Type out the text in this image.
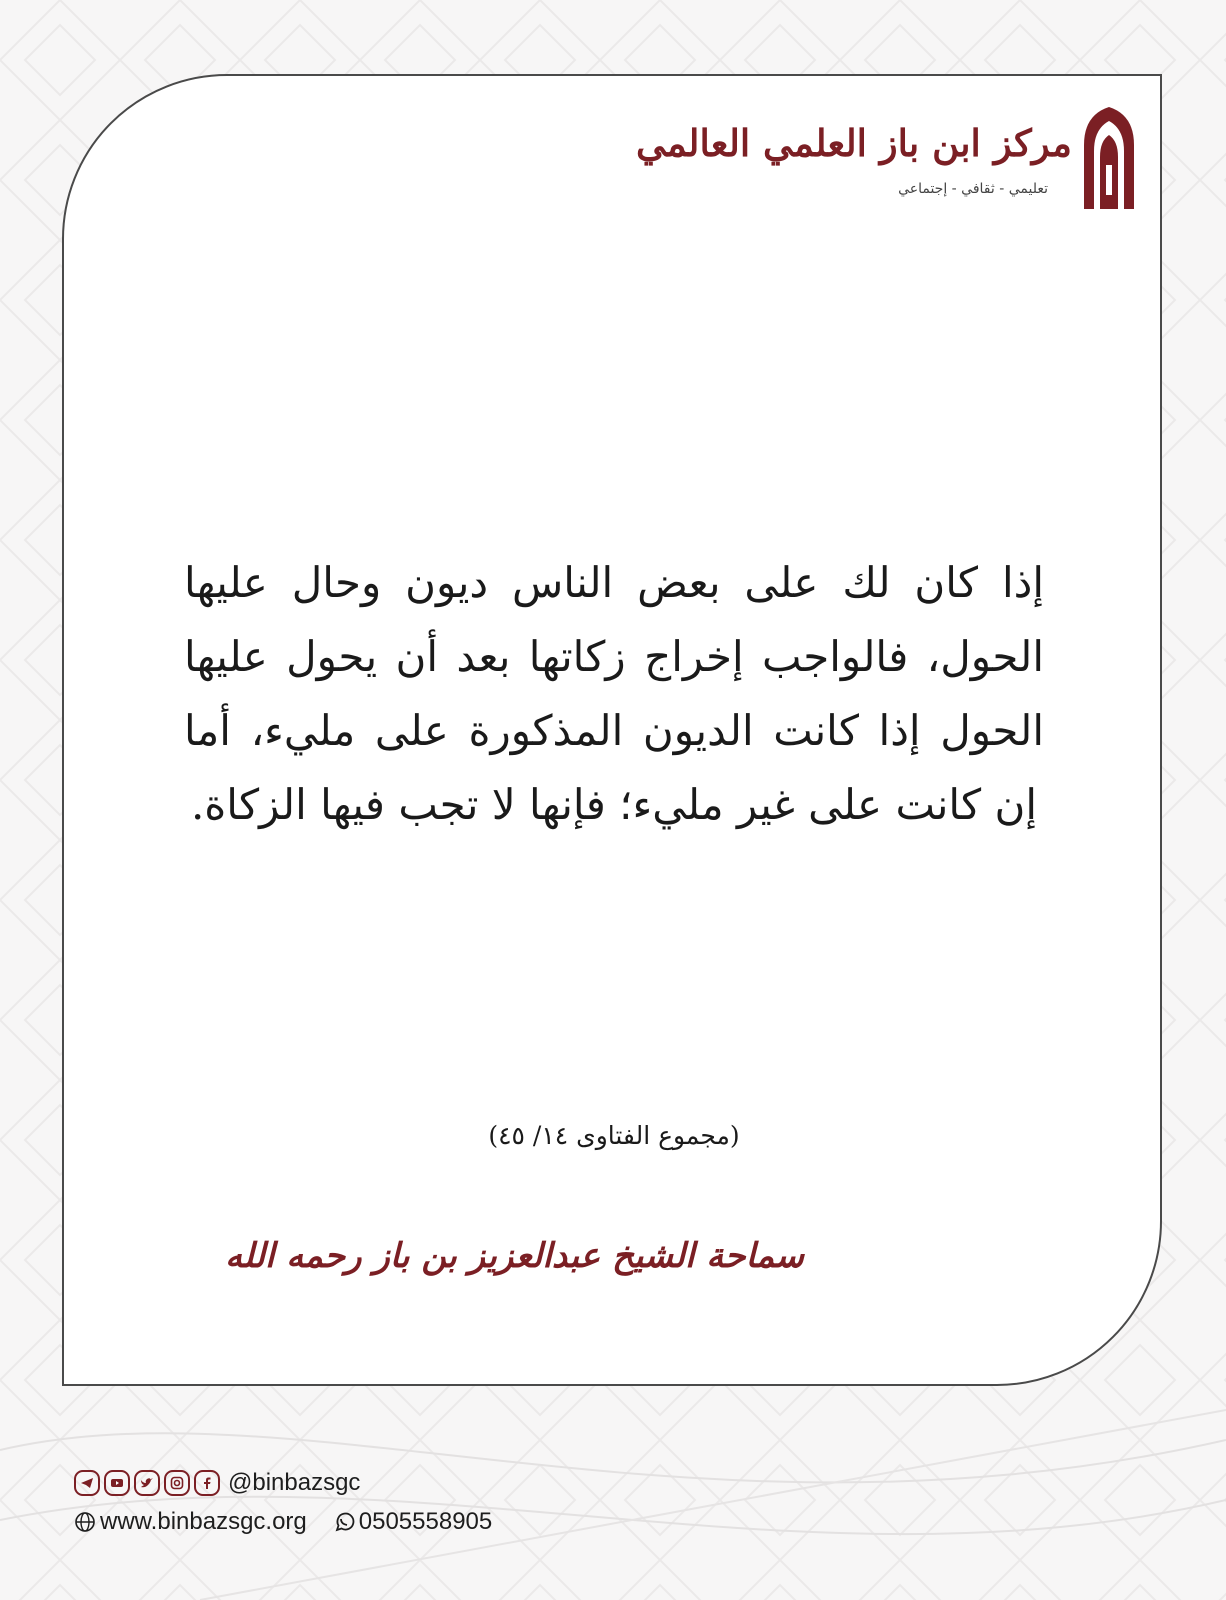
مركز ابن باز العلمي العالمي
تعليمي - ثقافي - إجتماعي
إذا كان لك على بعض الناس ديون وحال عليها الحول، فالواجب إخراج زكاتها بعد أن يحول عليها الحول إذا كانت الديون المذكورة على مليء، أما إن كانت على غير مليء؛ فإنها لا تجب فيها الزكاة.
(مجموع الفتاوى ١٤/ ٤٥)
سماحة الشيخ عبدالعزيز بن باز رحمه الله
@binbazsgc
www.binbazsgc.org 0505558905
